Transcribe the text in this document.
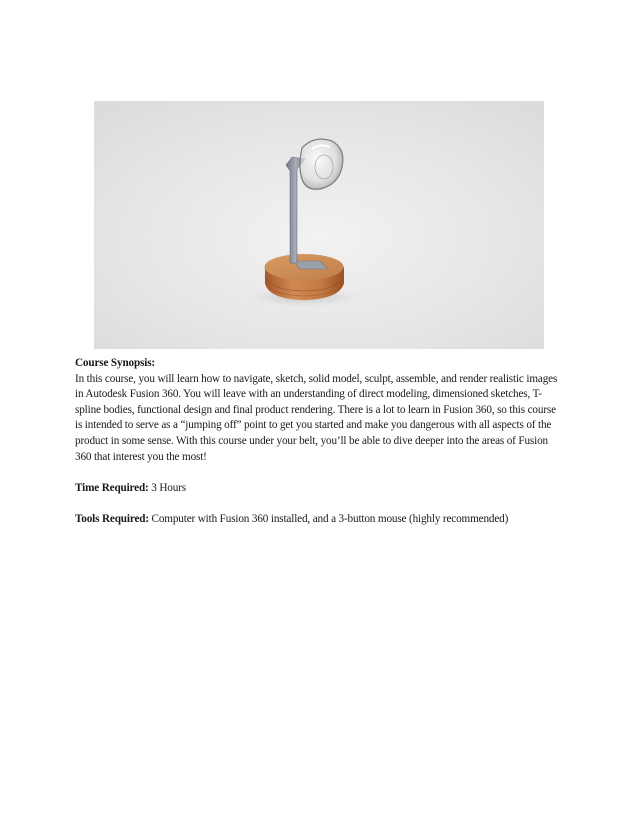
Course Synopsis:

In this course, you will learn how to navigate, sketch, solid model, sculpt, assemble, and render realistic images in Autodesk Fusion 360. You will leave with an understanding of direct modeling, dimensioned sketches, T-spline bodies, functional design and final product rendering. There is a lot to learn in Fusion 360, so this course is intended to serve as a “jumping off” point to get you started and make you dangerous with all aspects of the product in some sense. With this course under your belt, you’ll be able to dive deeper into the areas of Fusion 360 that interest you the most!

Time Required: 3 Hours

Tools Required: Computer with Fusion 360 installed, and a 3-button mouse (highly recommended)
